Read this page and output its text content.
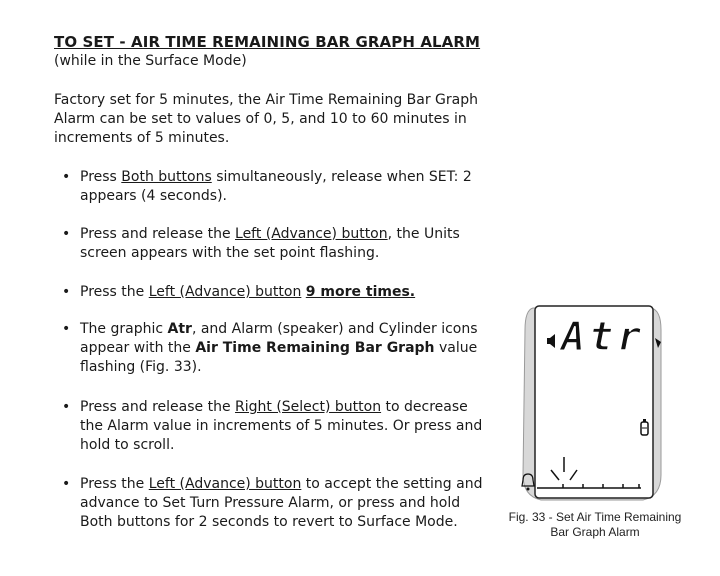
TO SET - AIR TIME REMAINING BAR GRAPH ALARM
(while in the Surface Mode)
Factory set for 5 minutes, the Air Time Remaining Bar Graph Alarm can be set to values of 0, 5, and 10 to 60 minutes in increments of 5 minutes.
• Press Both buttons simultaneously, release when SET: 2 appears (4 seconds).
• Press and release the Left (Advance) button, the Units screen appears with the set point flashing.
• Press the Left (Advance) button 9 more times.
• The graphic Atr, and Alarm (speaker) and Cylinder icons appear with the Air Time Remaining Bar Graph value flashing (Fig. 33).
• Press and release the Right (Select) button to decrease the Alarm value in increments of 5 minutes. Or press and hold to scroll.
• Press the Left (Advance) button to accept the setting and advance to Set Turn Pressure Alarm, or press and hold Both buttons for 2 seconds to revert to Surface Mode.
Atr
Fig. 33 - Set Air Time Remaining
Bar Graph Alarm
